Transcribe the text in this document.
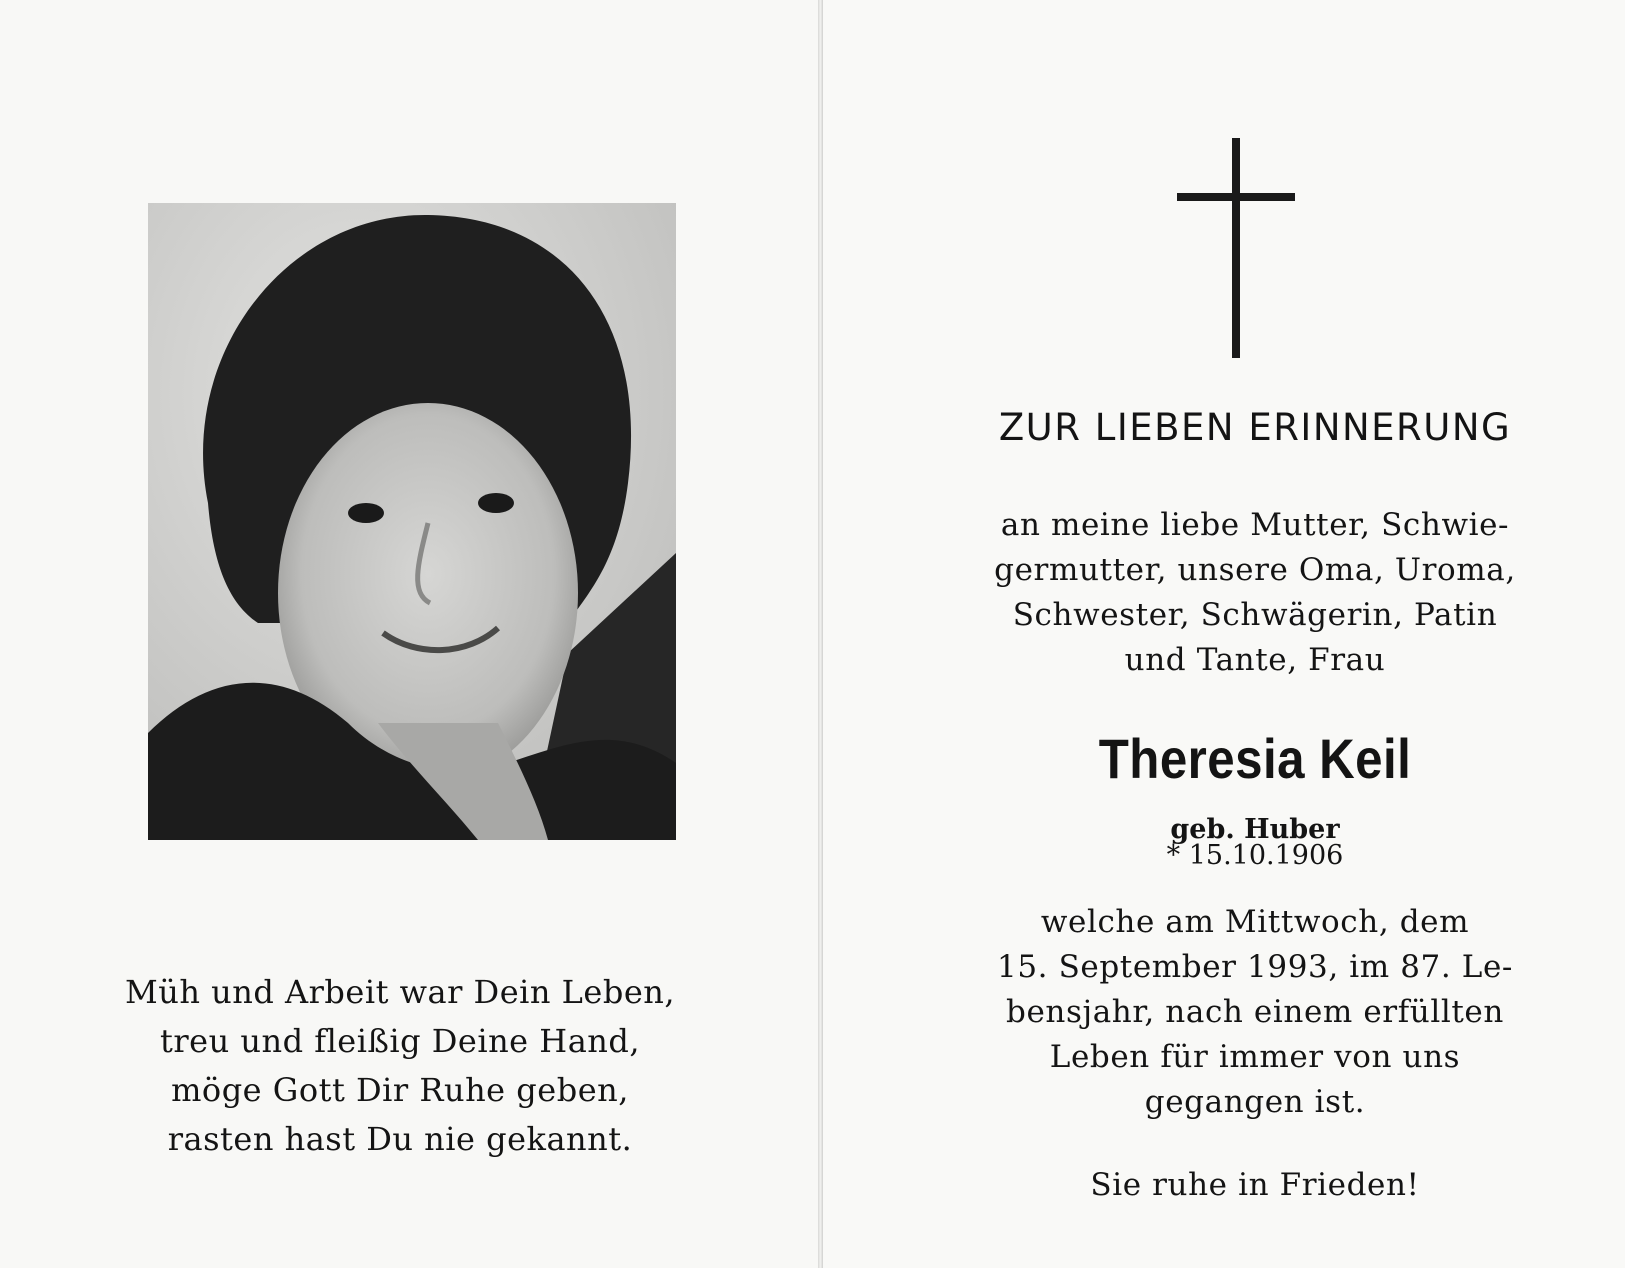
Müh und Arbeit war Dein Leben,
treu und fleißig Deine Hand,
möge Gott Dir Ruhe geben,
rasten hast Du nie gekannt.
ZUR LIEBEN ERINNERUNG
an meine liebe Mutter, Schwie-
germutter, unsere Oma, Uroma,
Schwester, Schwägerin, Patin
und Tante, Frau
Theresia Keil
geb. Huber
* 15.10.1906
welche am Mittwoch, dem
15. September 1993, im 87. Le-
bensjahr, nach einem erfüllten
Leben für immer von uns
gegangen ist.
Sie ruhe in Frieden!
